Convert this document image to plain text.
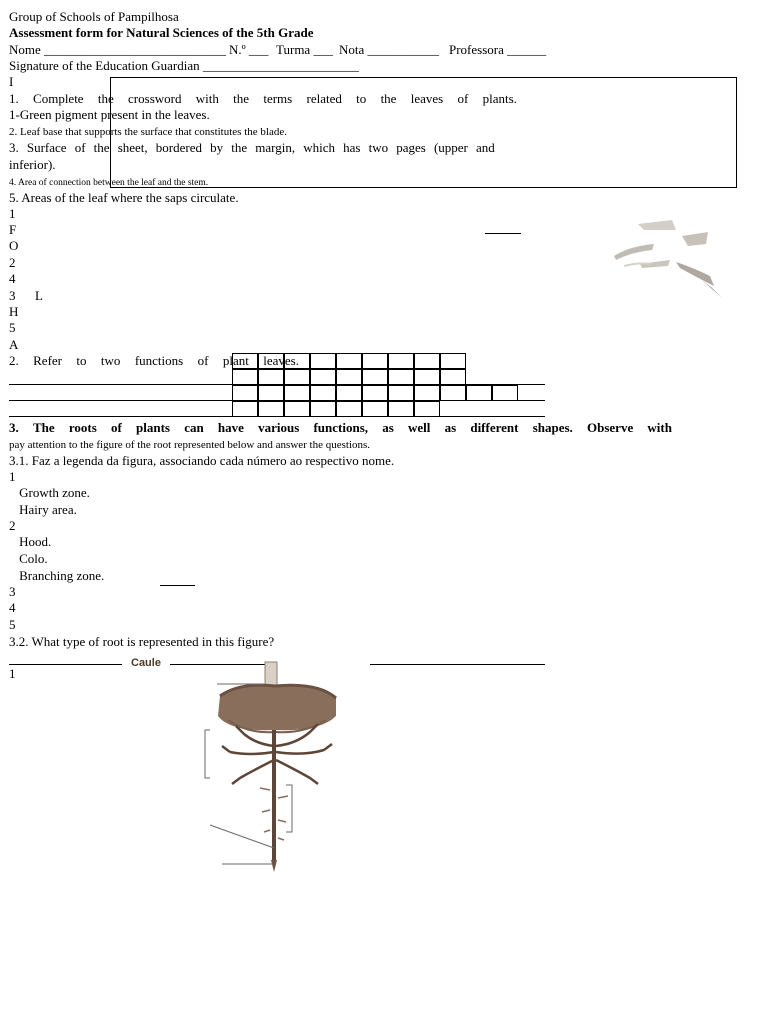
Group of Schools of Pampilhosa
Assessment form for Natural Sciences of the 5th Grade
Nome ____________________________ N.º ___ Turma ___ Nota ___________ Professora ______
Signature of the Education Guardian ________________________
I
1. Complete the crossword with the terms related to the leaves of plants.
1-Green pigment present in the leaves.
2. Leaf base that supports the surface that constitutes the blade.
3. Surface of the sheet, bordered by the margin, which has two pages (upper and
inferior).
4. Area of connection between the leaf and the stem.
5. Areas of the leaf where the saps circulate.
1
F
O
2
4
3 L
H
5
A
2. Refer to two functions of plant leaves.
3. The roots of plants can have various functions, as well as different shapes. Observe with
pay attention to the figure of the root represented below and answer the questions.
3.1. Faz a legenda da figura, associando cada número ao respectivo nome.
1
Growth zone.
Hairy area.
2
Hood.
Colo.
Branching zone.
3
4
5
3.2. What type of root is represented in this figure?
Caule
1
